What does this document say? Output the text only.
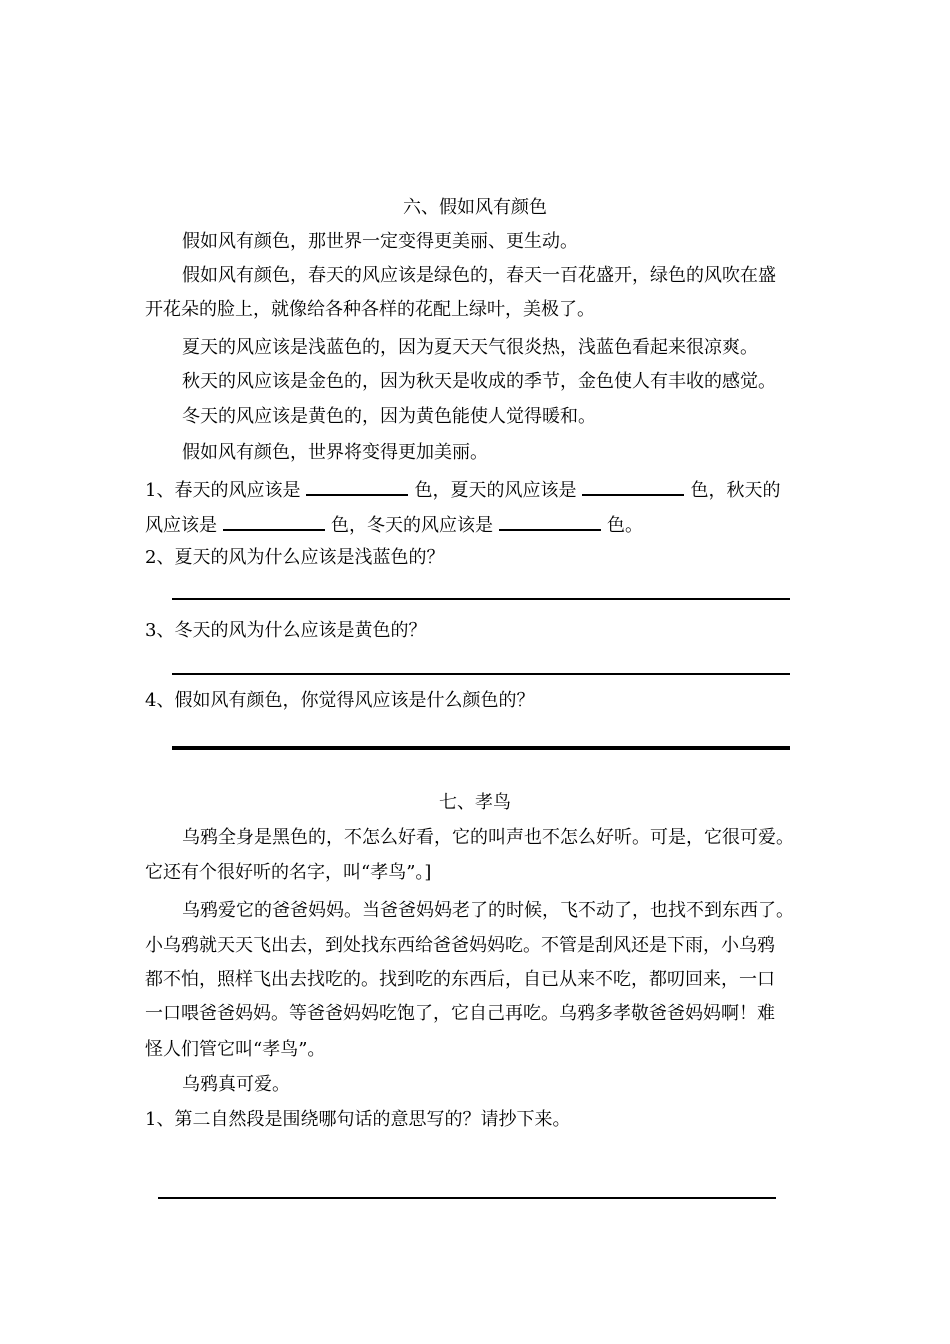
六、假如风有颜色
假如风有颜色，那世界一定变得更美丽、更生动。
假如风有颜色，春天的风应该是绿色的，春天一百花盛开，绿色的风吹在盛
开花朵的脸上，就像给各种各样的花配上绿叶，美极了。
夏天的风应该是浅蓝色的，因为夏天天气很炎热，浅蓝色看起来很凉爽。
秋天的风应该是金色的，因为秋天是收成的季节，金色使人有丰收的感觉。
冬天的风应该是黄色的，因为黄色能使人觉得暖和。
假如风有颜色，世界将变得更加美丽。
1、春天的风应该是	色，夏天的风应该是	色，秋天的
风应该是	色，冬天的风应该是	色。
2、夏天的风为什么应该是浅蓝色的？
3、冬天的风为什么应该是黄色的？
4、假如风有颜色，你觉得风应该是什么颜色的？
七、孝鸟
乌鸦全身是黑色的，不怎么好看，它的叫声也不怎么好听。可是，它很可爱。
它还有个很好听的名字，叫“孝鸟”。]
乌鸦爱它的爸爸妈妈。当爸爸妈妈老了的时候，飞不动了，也找不到东西了。
小乌鸦就天天飞出去，到处找东西给爸爸妈妈吃。不管是刮风还是下雨，小乌鸦
都不怕，照样飞出去找吃的。找到吃的东西后，自已从来不吃，都叨回来，一口
一口喂爸爸妈妈。等爸爸妈妈吃饱了，它自己再吃。乌鸦多孝敬爸爸妈妈啊！难
怪人们管它叫“孝鸟”。
乌鸦真可爱。
1、第二自然段是围绕哪句话的意思写的？请抄下来。
